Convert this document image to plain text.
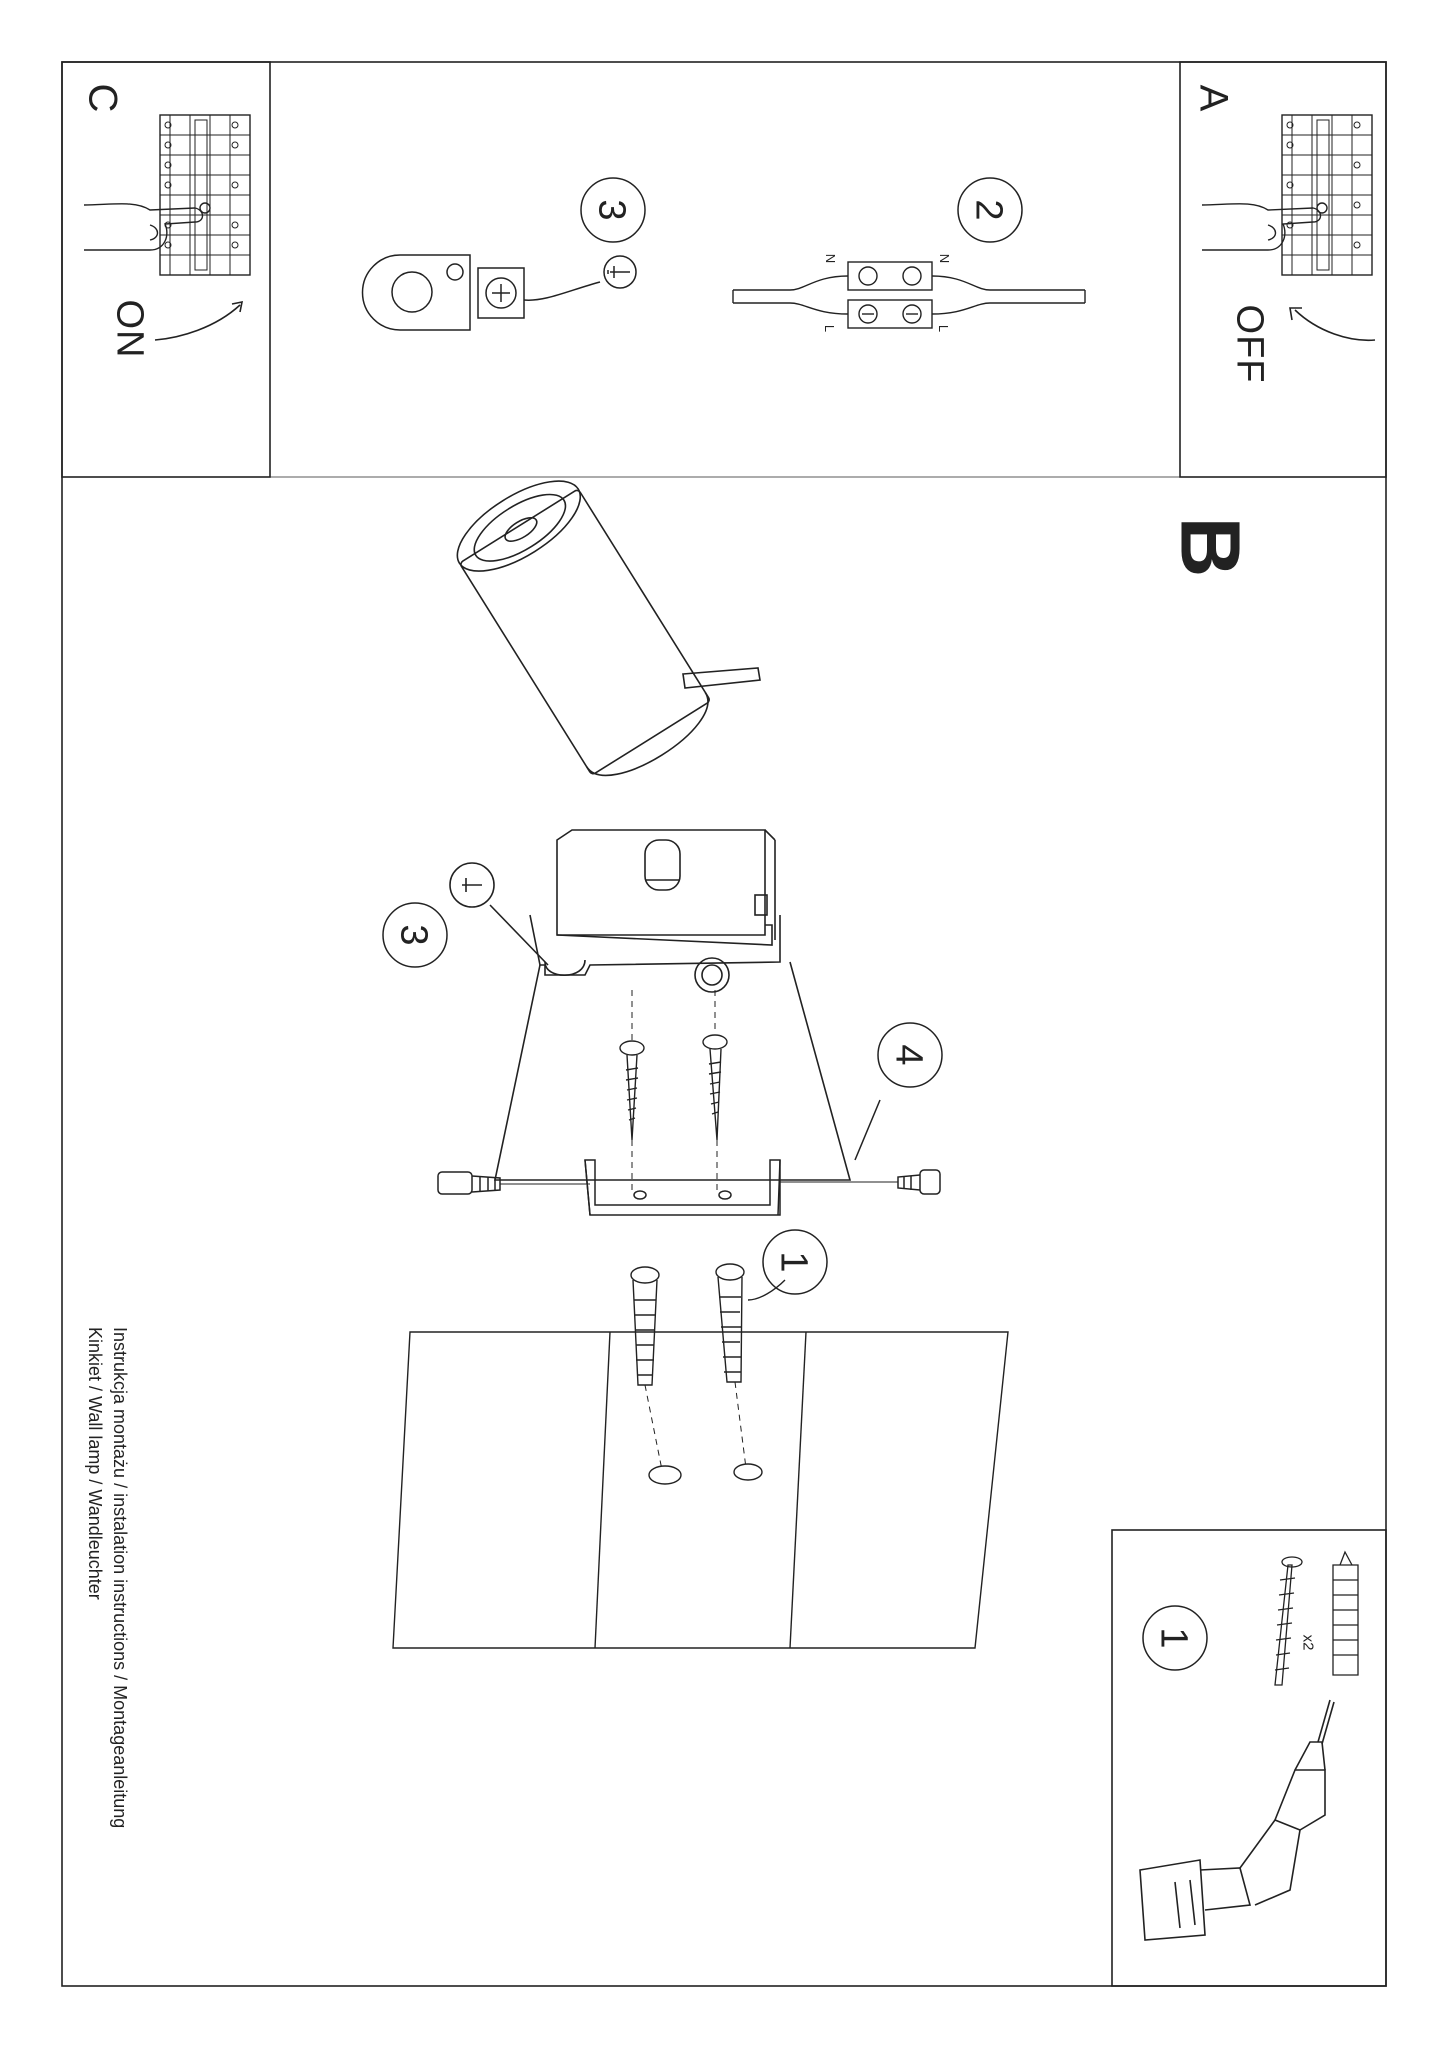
C
ON
A
OFF
B
3	2
3
4
1
1
N	N
L	L
x2
Instrukcja montażu / instalation instructions / Montageanleitung
Kinkiet / Wall lamp / Wandleuchter
